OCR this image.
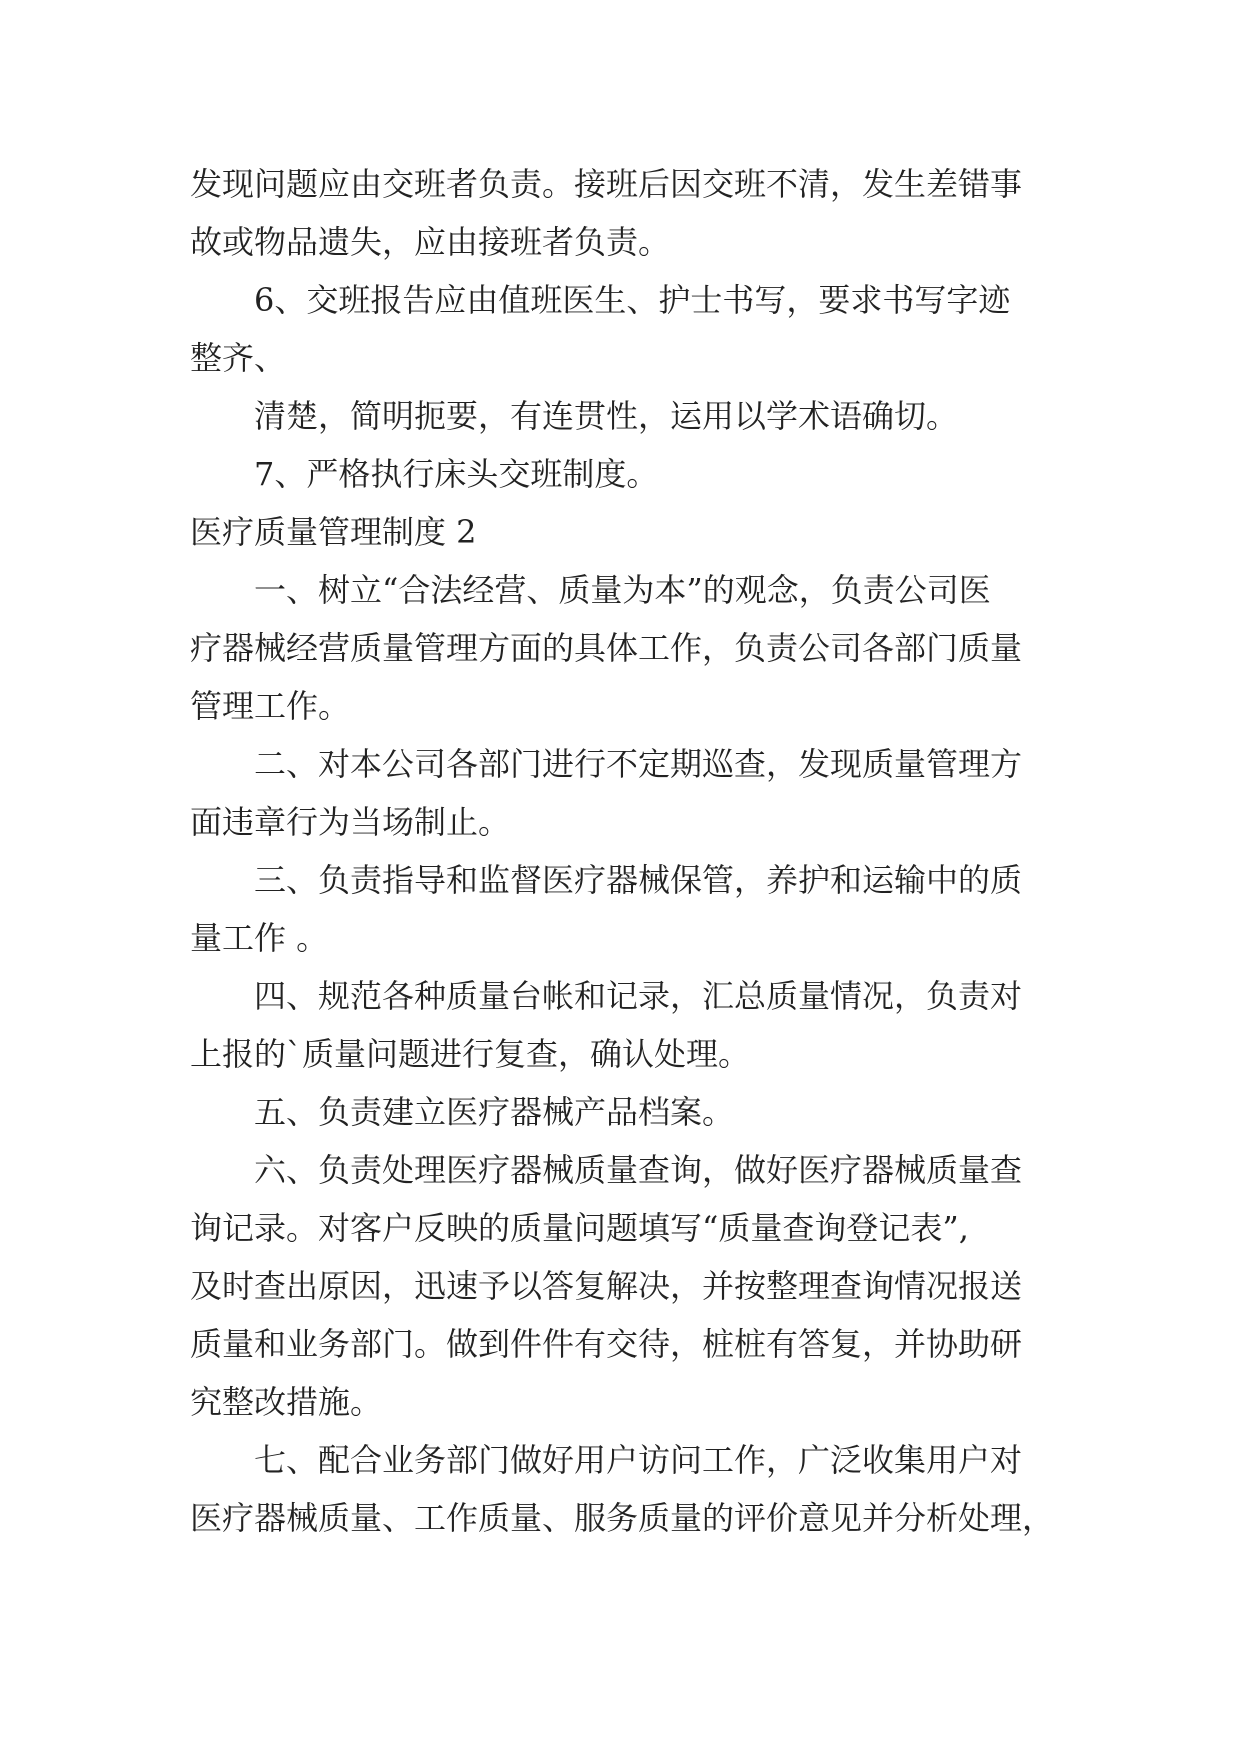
发现问题应由交班者负责。接班后因交班不清，发生差错事
故或物品遗失，应由接班者负责。
6、交班报告应由值班医生、护士书写，要求书写字迹
整齐、
清楚，简明扼要，有连贯性，运用以学术语确切。
7、严格执行床头交班制度。
医疗质量管理制度 2
一、树立“合法经营、质量为本”的观念，负责公司医
疗器械经营质量管理方面的具体工作，负责公司各部门质量
管理工作。
二、对本公司各部门进行不定期巡查，发现质量管理方
面违章行为当场制止。
三、负责指导和监督医疗器械保管，养护和运输中的质
量工作 。
四、规范各种质量台帐和记录，汇总质量情况，负责对
上报的`质量问题进行复查，确认处理。
五、负责建立医疗器械产品档案。
六、负责处理医疗器械质量查询，做好医疗器械质量查
询记录。对客户反映的质量问题填写“质量查询登记表”,
及时查出原因，迅速予以答复解决，并按整理查询情况报送
质量和业务部门。做到件件有交待，桩桩有答复，并协助研
究整改措施。
七、配合业务部门做好用户访问工作，广泛收集用户对
医疗器械质量、工作质量、服务质量的评价意见并分析处理，
